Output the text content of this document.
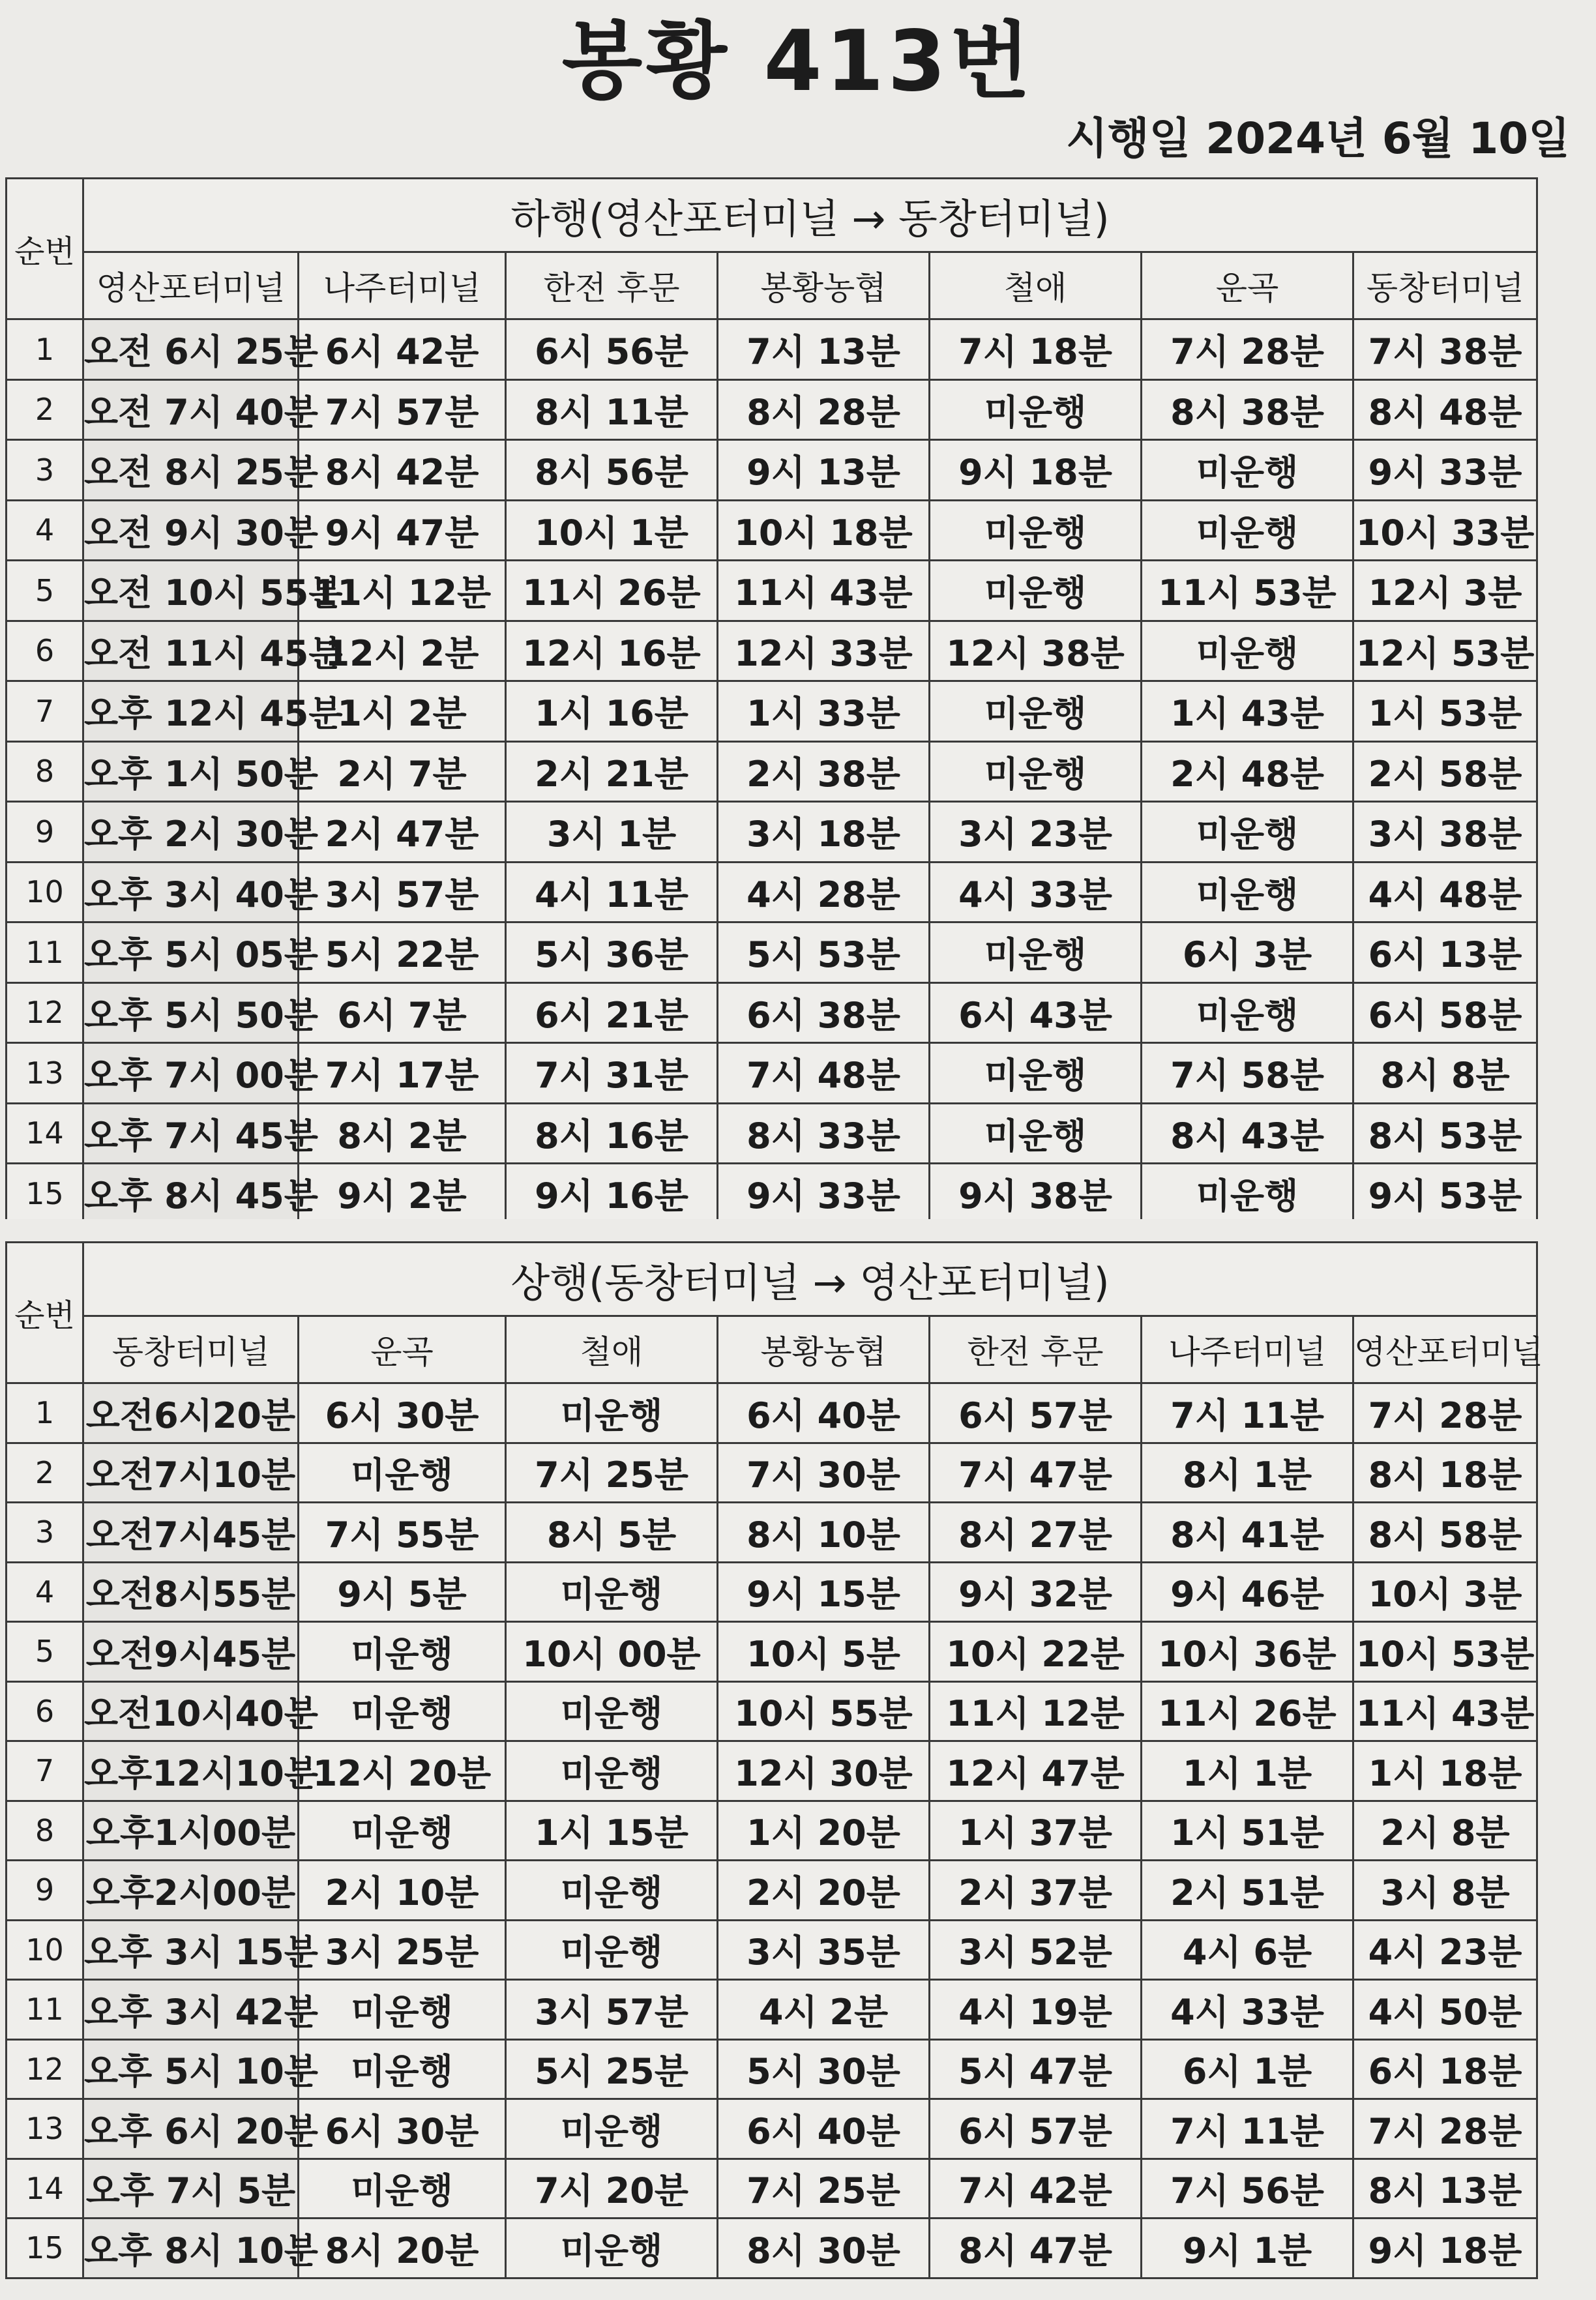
봉황 413번
시행일 2024년 6월 10일
순번	하행(영산포터미널 → 동창터미널)						
	영산포터미널	나주터미널	한전 후문	봉황농협	철애	운곡	동창터미널
1	오전 6시 25분	6시 42분	6시 56분	7시 13분	7시 18분	7시 28분	7시 38분
2	오전 7시 40분	7시 57분	8시 11분	8시 28분	미운행	8시 38분	8시 48분
3	오전 8시 25분	8시 42분	8시 56분	9시 13분	9시 18분	미운행	9시 33분
4	오전 9시 30분	9시 47분	10시 1분	10시 18분	미운행	미운행	10시 33분
5	오전 10시 55분	11시 12분	11시 26분	11시 43분	미운행	11시 53분	12시 3분
6	오전 11시 45분	12시 2분	12시 16분	12시 33분	12시 38분	미운행	12시 53분
7	오후 12시 45분	1시 2분	1시 16분	1시 33분	미운행	1시 43분	1시 53분
8	오후 1시 50분	2시 7분	2시 21분	2시 38분	미운행	2시 48분	2시 58분
9	오후 2시 30분	2시 47분	3시 1분	3시 18분	3시 23분	미운행	3시 38분
10	오후 3시 40분	3시 57분	4시 11분	4시 28분	4시 33분	미운행	4시 48분
11	오후 5시 05분	5시 22분	5시 36분	5시 53분	미운행	6시 3분	6시 13분
12	오후 5시 50분	6시 7분	6시 21분	6시 38분	6시 43분	미운행	6시 58분
13	오후 7시 00분	7시 17분	7시 31분	7시 48분	미운행	7시 58분	8시 8분
14	오후 7시 45분	8시 2분	8시 16분	8시 33분	미운행	8시 43분	8시 53분
15	오후 8시 45분	9시 2분	9시 16분	9시 33분	9시 38분	미운행	9시 53분
순번	상행(동창터미널 → 영산포터미널)						
	동창터미널	운곡	철애	봉황농협	한전 후문	나주터미널	영산포터미널
1	오전6시20분	6시 30분	미운행	6시 40분	6시 57분	7시 11분	7시 28분
2	오전7시10분	미운행	7시 25분	7시 30분	7시 47분	8시 1분	8시 18분
3	오전7시45분	7시 55분	8시 5분	8시 10분	8시 27분	8시 41분	8시 58분
4	오전8시55분	9시 5분	미운행	9시 15분	9시 32분	9시 46분	10시 3분
5	오전9시45분	미운행	10시 00분	10시 5분	10시 22분	10시 36분	10시 53분
6	오전10시40분	미운행	미운행	10시 55분	11시 12분	11시 26분	11시 43분
7	오후12시10분	12시 20분	미운행	12시 30분	12시 47분	1시 1분	1시 18분
8	오후1시00분	미운행	1시 15분	1시 20분	1시 37분	1시 51분	2시 8분
9	오후2시00분	2시 10분	미운행	2시 20분	2시 37분	2시 51분	3시 8분
10	오후 3시 15분	3시 25분	미운행	3시 35분	3시 52분	4시 6분	4시 23분
11	오후 3시 42분	미운행	3시 57분	4시 2분	4시 19분	4시 33분	4시 50분
12	오후 5시 10분	미운행	5시 25분	5시 30분	5시 47분	6시 1분	6시 18분
13	오후 6시 20분	6시 30분	미운행	6시 40분	6시 57분	7시 11분	7시 28분
14	오후 7시 5분	미운행	7시 20분	7시 25분	7시 42분	7시 56분	8시 13분
15	오후 8시 10분	8시 20분	미운행	8시 30분	8시 47분	9시 1분	9시 18분
